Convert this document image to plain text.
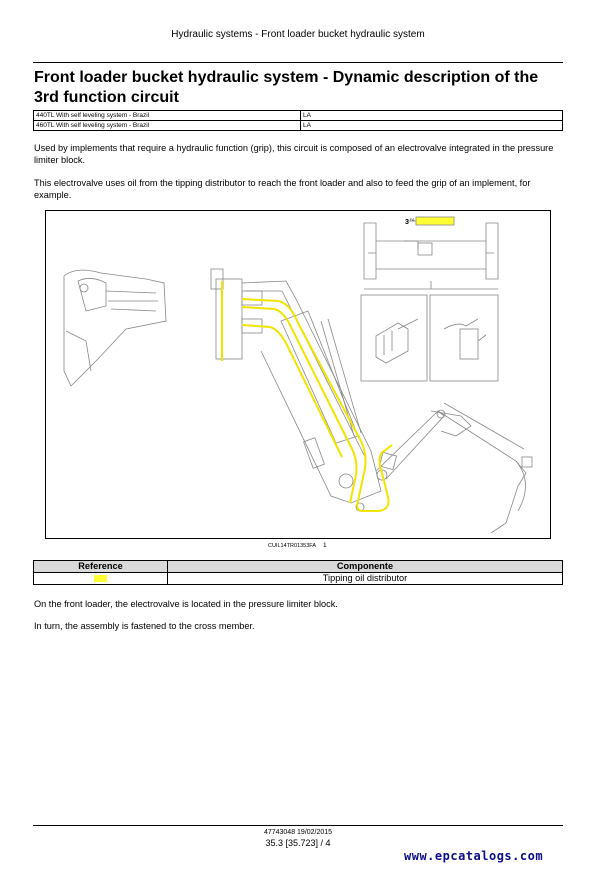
Hydraulic systems - Front loader bucket hydraulic system
Front loader bucket hydraulic system - Dynamic description of the 3rd function circuit
440TL With self leveling system - Brazil	LA
460TL With self leveling system - Brazil	LA
Used by implements that require a hydraulic function (grip), this circuit is composed of an electrovalve integrated in the pressure limiter block.
This electrovalve uses oil from the tipping distributor to reach the front loader and also to feed the grip of an implement, for example.
3 FA
CUIL14TR01353FA 1
Reference	Componente
	Tipping oil distributor
On the front loader, the electrovalve is located in the pressure limiter block.
In turn, the assembly is fastened to the cross member.
47743048 19/02/2015
35.3 [35.723] / 4
www.epcatalogs.com
